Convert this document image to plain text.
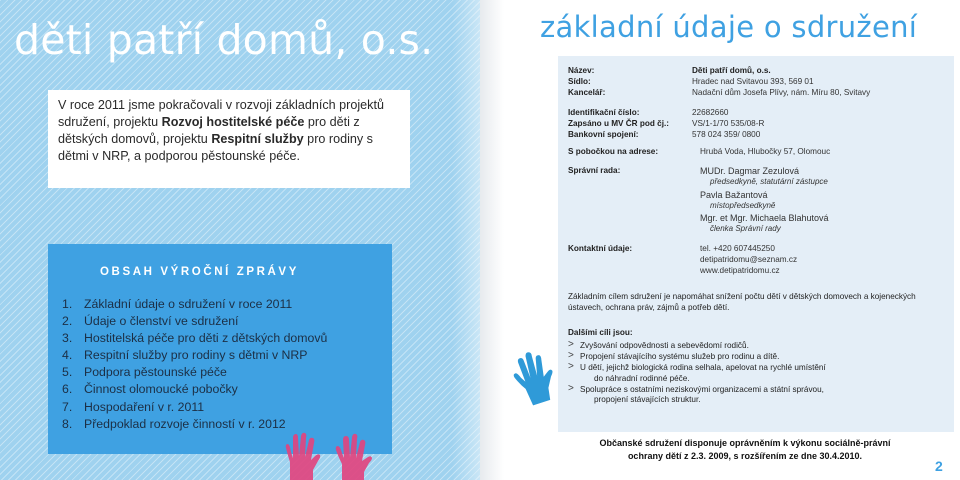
děti patří domů, o.s.

V roce 2011 jsme pokračovali v rozvoji základních projektů sdružení, projektu Rozvoj hostitelské péče pro děti z dětských domovů, projektu Respitní služby pro rodiny s dětmi v NRP, a podporou pěstounské péče.

OBSAH VÝROČNÍ ZPRÁVY
1. Základní údaje o sdružení v roce 2011
2. Údaje o členství ve sdružení
3. Hostitelská péče pro děti z dětských domovů
4. Respitní služby pro rodiny s dětmi v NRP
5. Podpora pěstounské péče
6. Činnost olomoucké pobočky
7. Hospodaření v r. 2011
8. Předpoklad rozvoje činností v r. 2012
základní údaje o sdružení
Název:	Děti patří domů, o.s.
Sídlo:	Hradec nad Svitavou 393, 569 01
Kancelář:	Nadační dům Josefa Plívy, nám. Míru 80, Svitavy
Identifikační číslo:	22682660
Zapsáno u MV ČR pod čj.:	VS/1-1/70 535/08-R
Bankovní spojení:	578 024 359/ 0800
S pobočkou na adrese:	Hrubá Voda, Hlubočky 57, Olomouc
Správní rada:	MUDr. Dagmar Zezulová
předsedkyně, statutární zástupce
Pavla Bažantová
místopředsedkyně
Mgr. et Mgr. Michaela Blahutová
členka Správní rady
Kontaktní údaje:	tel. +420 607445250
detipatridomu@seznam.cz
www.detipatridomu.cz

Základním cílem sdružení je napomáhat snížení počtu dětí v dětských domovech a kojeneckých ústavech, ochrana práv, zájmů a potřeb dětí.

Dalšími cíli jsou:

> Zvyšování odpovědnosti a sebevědomí rodičů.
> Propojení stávajícího systému služeb pro rodinu a dítě.
> U dětí, jejichž biologická rodina selhala, apelovat na rychlé umístění
do náhradní rodinné péče.
> Spolupráce s ostatními neziskovými organizacemi a státní správou,
propojení stávajících struktur.
Občanské sdružení disponuje oprávněním k výkonu sociálně-právní
ochrany dětí z 2.3. 2009, s rozšířením ze dne 30.4.2010.
2
